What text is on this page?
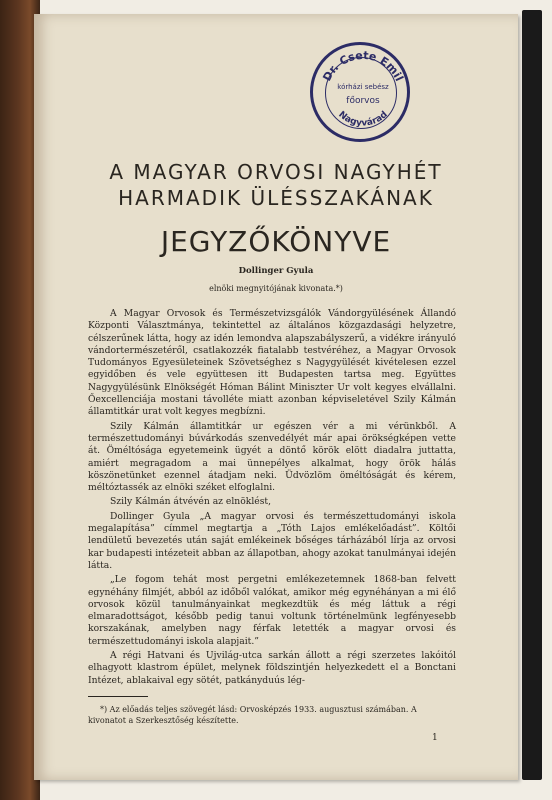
Dr. Csete Emil
kórházi sebész
főorvos
Nagyvárad
A MAGYAR ORVOSI NAGYHÉT
HARMADIK ÜLÉSSZAKÁNAK
JEGYZŐKÖNYVE
Dollinger Gyula
elnöki megnyitójának kivonata.*)

A Magyar Orvosok és Természetvizsgálók Vándorgyülésének Állandó Központi Választmánya, tekintettel az általános közgazdasági helyzetre, célszerűnek látta, hogy az idén lemondva alapszabályszerű, a vidékre irányuló vándortermészetéről, csatlakozzék fiatalabb testvéréhez, a Magyar Orvosok Tudományos Egyesületeinek Szövetséghez s Nagygyülését kivételesen ezzel egyidőben és vele együttesen itt Budapesten tartsa meg. Együttes Nagygyülésünk Elnökségét Hóman Bálint Miniszter Ur volt kegyes elvállalni. Őexcellenciája mostani távolléte miatt azonban képviseletével Szily Kálmán államtitkár urat volt kegyes megbízni.

Szily Kálmán államtitkár ur egészen vér a mi vérünkből. A természettudományi búvárkodás szenvedélyét már apai örökségképen vette át. Öméltósága egyetemeink ügyét a döntő körök elött diadalra juttatta, amiért megragadom a mai ünnepélyes alkalmat, hogy örök hálás köszönetünket ezennel átadjam neki. Üdvözlöm öméltóságát és kérem, méltóztassék az elnöki széket elfoglalni.

Szily Kálmán átvévén az elnöklést,

Dollinger Gyula „A magyar orvosi és természettudományi iskola megalapítása” címmel megtartja a „Tóth Lajos emlékelőadást”. Költői lendületű bevezetés után saját emlékeinek bőséges tárházából lírja az orvosi kar budapesti intézeteit abban az állapotban, ahogy azokat tanulmányai idején látta.

„Le fogom tehát most pergetni emlékezetemnek 1868-ban felvett egynéhány filmjét, abból az időből valókat, amikor még egynéhányan a mi élő orvosok közül tanulmányainkat megkezdtük és még láttuk a régi elmaradottságot, később pedig tanui voltunk történelmünk legfényesebb korszakának, amelyben nagy férfak letették a magyar orvosi és természettudományi iskola alapjait.”

A régi Hatvani és Ujvilág-utca sarkán állott a régi szerzetes lakóitól elhagyott klastrom épület, melynek földszintjén helyezkedett el a Bonctani Intézet, ablakaival egy sötét, patkányduús lég-

*) Az előadás teljes szövegét lásd: Orvosképzés 1933. augusztusi számában. A kivonatot a Szerkesztőség készítette.
1
